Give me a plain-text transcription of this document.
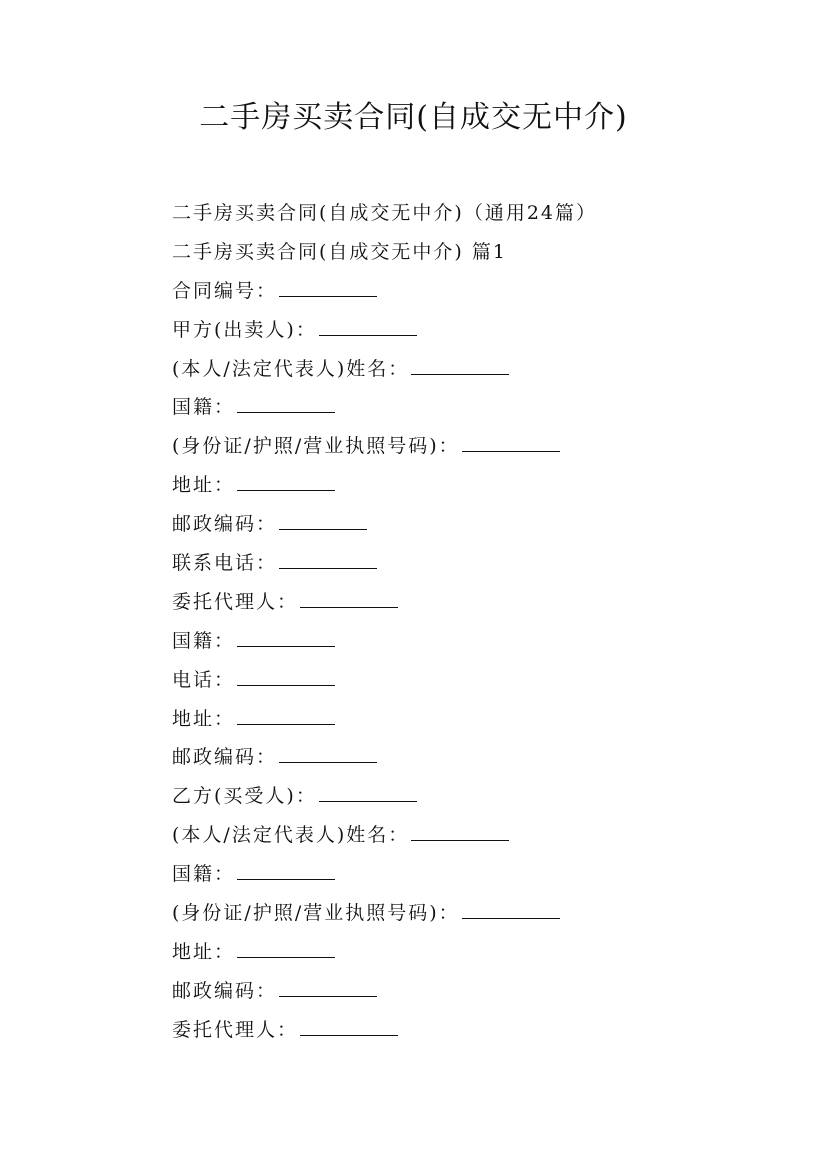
二手房买卖合同(自成交无中介)
二手房买卖合同(自成交无中介)（通用24篇）
二手房买卖合同(自成交无中介) 篇1
合同编号：
甲方(出卖人)：
(本人/法定代表人)姓名：
国籍：
(身份证/护照/营业执照号码)：
地址：
邮政编码：
联系电话：
委托代理人：
国籍：
电话：
地址：
邮政编码：
乙方(买受人)：
(本人/法定代表人)姓名：
国籍：
(身份证/护照/营业执照号码)：
地址：
邮政编码：
委托代理人：
